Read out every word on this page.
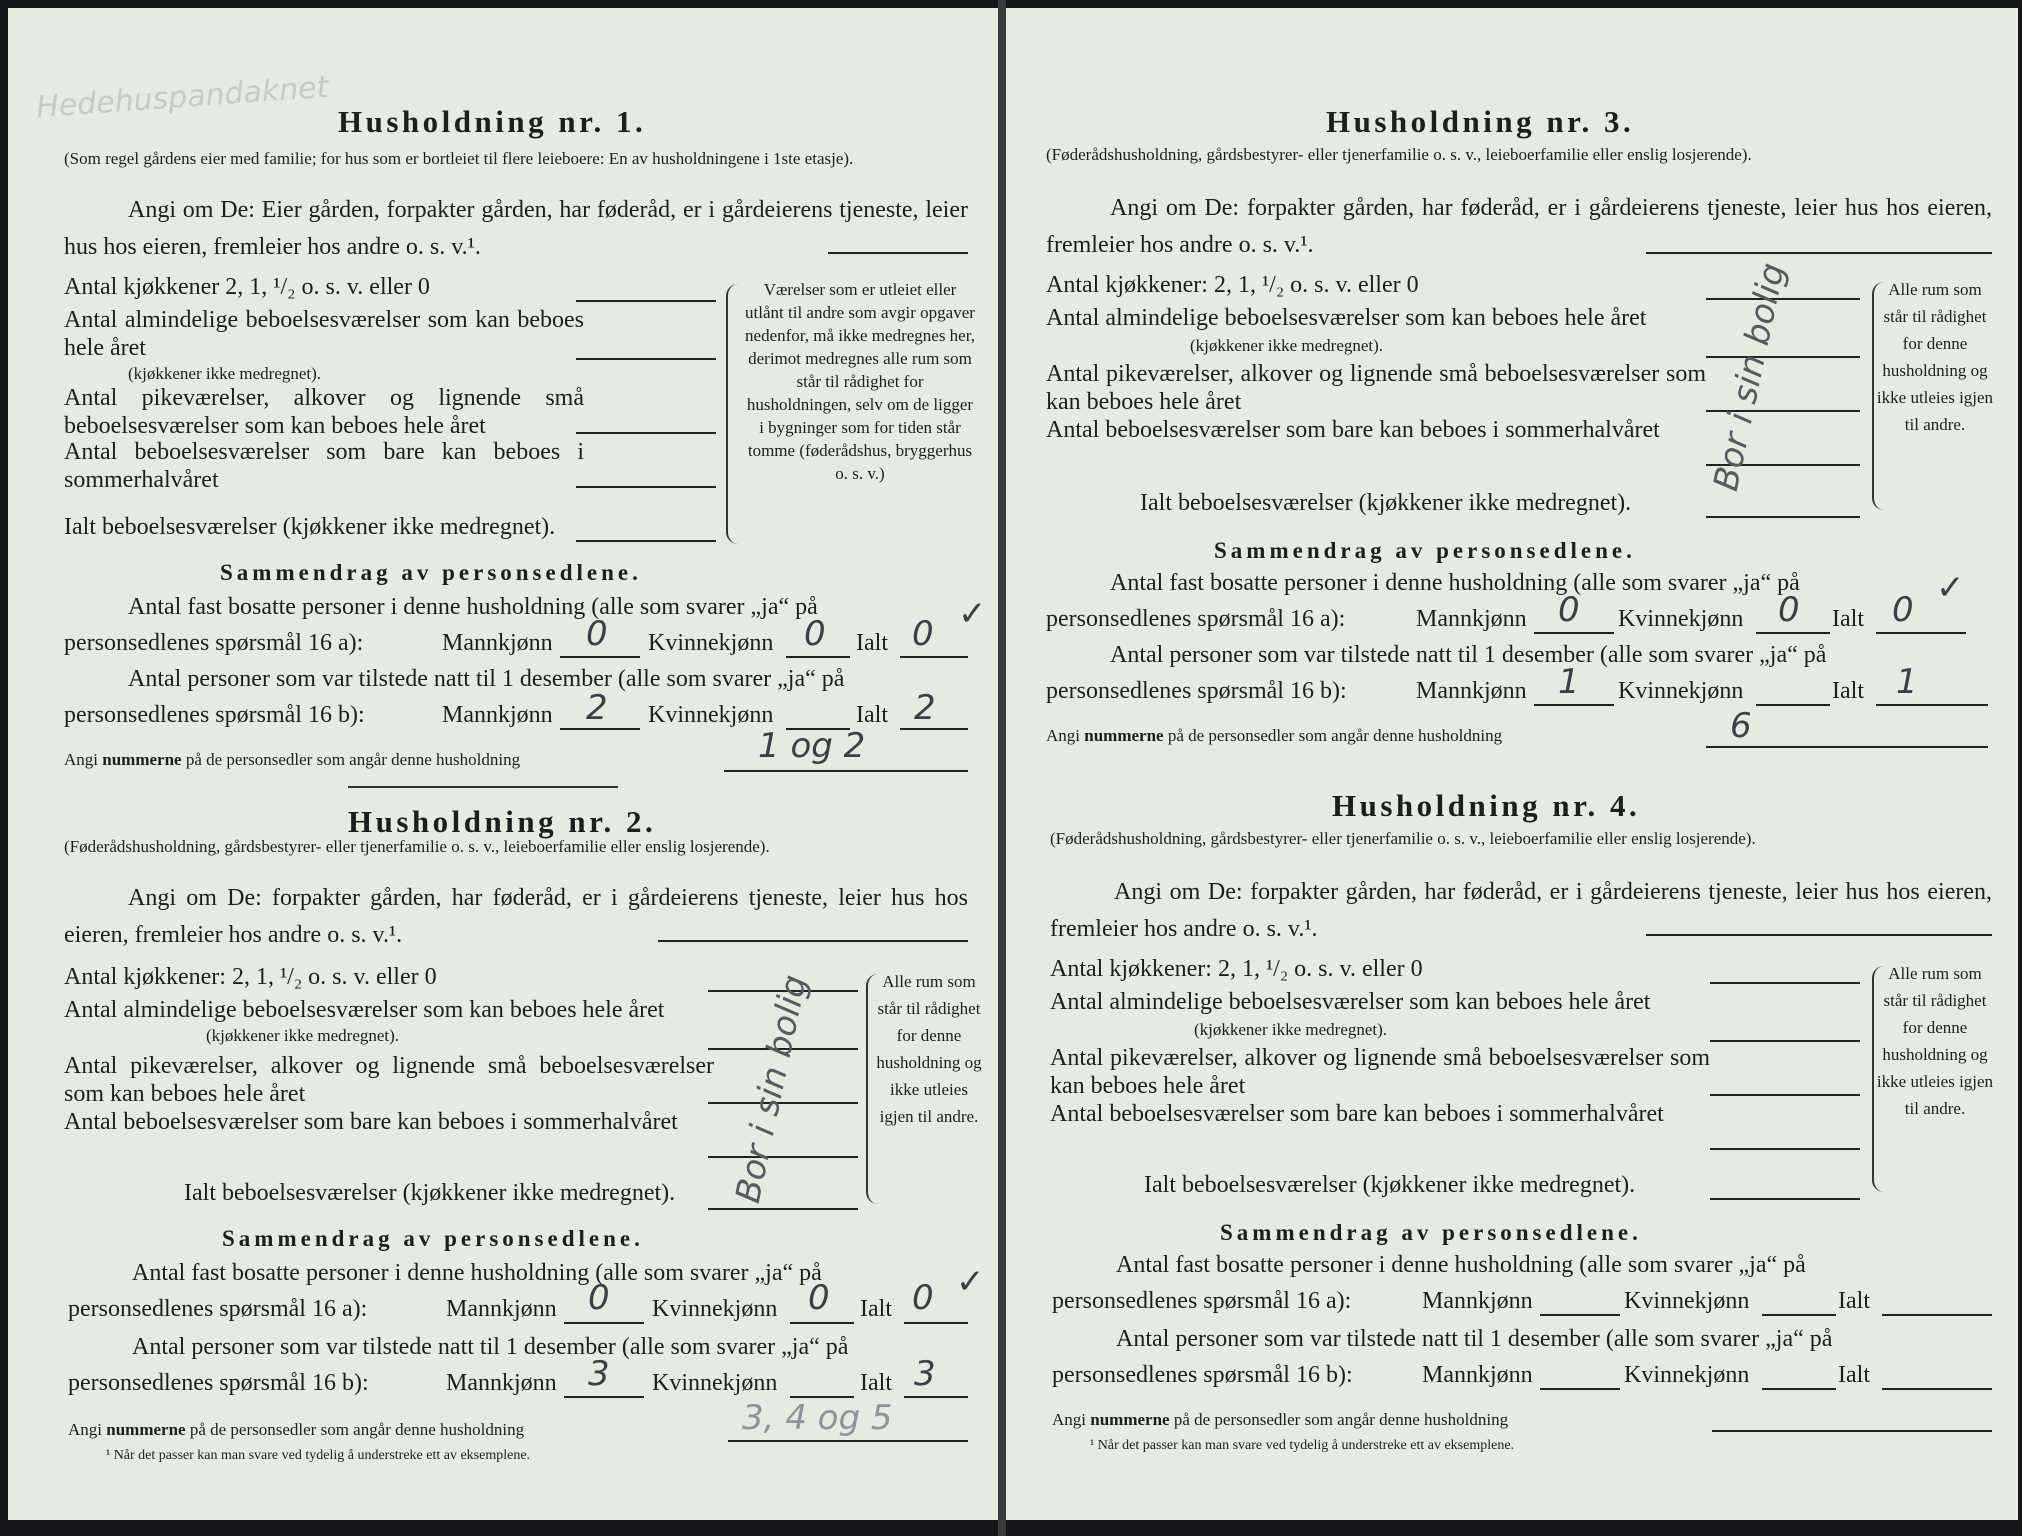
Hedehuspandaknet Husholdning nr. 1.
(Som regel gårdens eier med familie; for hus som er bortleiet til flere leieboere: En av husholdningene i 1ste etasje).
Angi om De: Eier gården, forpakter gården, har føderåd, er i gårdeierens tjeneste, leier hus hos eieren, fremleier hos andre o. s. v.¹.
Antal kjøkkener 2, 1, ¹/₂ o. s. v. eller 0
Antal almindelige beboelsesværelser som kan beboes hele året
(kjøkkener ikke medregnet).
Antal pikeværelser, alkover og lignende små beboelsesværelser som kan beboes hele året
Antal beboelsesværelser som bare kan beboes i sommerhalvåret
Ialt beboelsesværelser (kjøkkener ikke medregnet).
Værelser som er utleiet eller utlånt til andre som avgir opgaver nedenfor, må ikke medregnes her, derimot medregnes alle rum som står til rådighet for husholdningen, selv om de ligger i bygninger som for tiden står tomme (føderådshus, bryggerhus o. s. v.)
Sammendrag av personsedlene.
Antal fast bosatte personer i denne husholdning (alle som svarer „ja“ på
personsedlenes spørsmål 16 a):	Mannkjønn 0 Kvinnekjønn 0 Ialt 0 ✓
Antal personer som var tilstede natt til 1 desember (alle som svarer „ja“ på
personsedlenes spørsmål 16 b):	Mannkjønn 2 Kvinnekjønn	Ialt 2
Angi nummerne på de personsedler som angår denne husholdning	1 og 2
Husholdning nr. 2.
(Føderådshusholdning, gårdsbestyrer- eller tjenerfamilie o. s. v., leieboerfamilie eller enslig losjerende).
Angi om De: forpakter gården, har føderåd, er i gårdeierens tjeneste, leier hus hos eieren, fremleier hos andre o. s. v.¹.
Antal kjøkkener: 2, 1, ¹/₂ o. s. v. eller 0
Antal almindelige beboelsesværelser som kan beboes hele året
(kjøkkener ikke medregnet).
Antal pikeværelser, alkover og lignende små beboelsesværelser som kan beboes hele året
Antal beboelsesværelser som bare kan beboes i sommerhalvåret
Ialt beboelsesværelser (kjøkkener ikke medregnet). Bor i sin bolig	Alle rum som står til rådighet for denne husholdning og ikke utleies igjen til andre.
Sammendrag av personsedlene.
Antal fast bosatte personer i denne husholdning (alle som svarer „ja“ på
personsedlenes spørsmål 16 a):	Mannkjønn 0 Kvinnekjønn 0 Ialt 0 ✓
Antal personer som var tilstede natt til 1 desember (alle som svarer „ja“ på
personsedlenes spørsmål 16 b):	Mannkjønn 3 Kvinnekjønn	Ialt 3
Angi nummerne på de personsedler som angår denne husholdning	3, 4 og 5
¹ Når det passer kan man svare ved tydelig å understreke ett av eksemplene.
Husholdning nr. 3.
(Føderådshusholdning, gårdsbestyrer- eller tjenerfamilie o. s. v., leieboerfamilie eller enslig losjerende).
Angi om De: forpakter gården, har føderåd, er i gårdeierens tjeneste, leier hus hos eieren, fremleier hos andre o. s. v.¹.
Antal kjøkkener: 2, 1, ¹/₂ o. s. v. eller 0
Antal almindelige beboelsesværelser som kan beboes hele året
(kjøkkener ikke medregnet).
Antal pikeværelser, alkover og lignende små beboelsesværelser som kan beboes hele året
Antal beboelsesværelser som bare kan beboes i sommerhalvåret
Ialt beboelsesværelser (kjøkkener ikke medregnet).
Bor i sin bolig	Alle rum som står til rådighet for denne husholdning og ikke utleies igjen til andre.
Sammendrag av personsedlene.
Antal fast bosatte personer i denne husholdning (alle som svarer „ja“ på
personsedlenes spørsmål 16 a):	Mannkjønn 0 Kvinnekjønn 0 Ialt 0
✓
Antal personer som var tilstede natt til 1 desember (alle som svarer „ja“ på
personsedlenes spørsmål 16 b):	Mannkjønn 1 Kvinnekjønn	Ialt 1
Angi nummerne på de personsedler som angår denne husholdning	6
Husholdning nr. 4.
(Føderådshusholdning, gårdsbestyrer- eller tjenerfamilie o. s. v., leieboerfamilie eller enslig losjerende).
Angi om De: forpakter gården, har føderåd, er i gårdeierens tjeneste, leier hus hos eieren, fremleier hos andre o. s. v.¹.
Antal kjøkkener: 2, 1, ¹/₂ o. s. v. eller 0
Antal almindelige beboelsesværelser som kan beboes hele året
(kjøkkener ikke medregnet).
Antal pikeværelser, alkover og lignende små beboelsesværelser som kan beboes hele året
Antal beboelsesværelser som bare kan beboes i sommerhalvåret
Ialt beboelsesværelser (kjøkkener ikke medregnet).
Alle rum som står til rådighet for denne husholdning og ikke utleies igjen til andre.
Sammendrag av personsedlene.
Antal fast bosatte personer i denne husholdning (alle som svarer „ja“ på
personsedlenes spørsmål 16 a):	Mannkjønn	Kvinnekjønn	Ialt
Antal personer som var tilstede natt til 1 desember (alle som svarer „ja“ på
personsedlenes spørsmål 16 b):	Mannkjønn	Kvinnekjønn	Ialt
Angi nummerne på de personsedler som angår denne husholdning
¹ Når det passer kan man svare ved tydelig å understreke ett av eksemplene.
